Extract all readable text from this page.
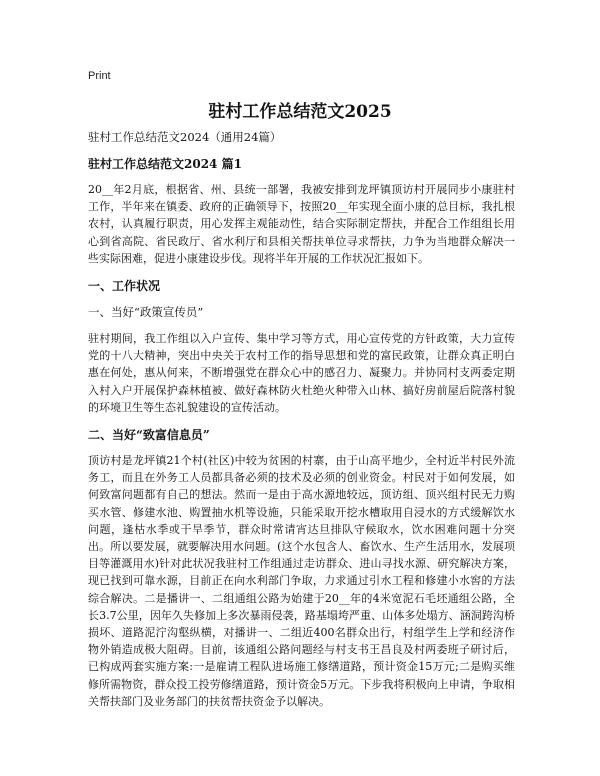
Print
驻村工作总结范文2025
驻村工作总结范文2024（通用24篇）
驻村工作总结范文2024 篇1

20__年2月底，根据省、州、县统一部署，我被安排到龙坪镇顶访村开展同步小康驻村工作，半年来在镇委、政府的正确领导下，按照20__年实现全面小康的总目标，我扎根农村，认真履行职责，用心发挥主观能动性，结合实际制定帮扶，并配合工作组组长用心到省高院、省民政厅、省水利厅和县相关帮扶单位寻求帮扶，力争为当地群众解决一些实际困难，促进小康建设步伐。现将半年开展的工作状况汇报如下。

一、工作状况
一、当好“政策宣传员”

驻村期间，我工作组以入户宣传、集中学习等方式，用心宣传党的方针政策，大力宣传党的十八大精神，突出中央关于农村工作的指导思想和党的富民政策，让群众真正明白惠在何处，惠从何来，不断增强党在群众心中的感召力、凝聚力。并协同村支两委定期入村入户开展保护森林植被、做好森林防火杜绝火种带入山林、搞好房前屋后院落村貌的环境卫生等生态礼貌建设的宣传活动。

二、当好“致富信息员”

顶访村是龙坪镇21个村(社区)中较为贫困的村寨，由于山高平地少，全村近半村民外流务工，而且在外务工人员都具备必须的技术及必须的创业资金。村民对于如何发展，如何致富问题都有自己的想法。然而一是由于高水源地较远，顶访组、顶兴组村民无力购买水管、修建水池、购置抽水机等设施，只能采取开挖水槽取用自浸水的方式缓解饮水问题，逢枯水季或干旱季节，群众时常请宵达旦排队守候取水，饮水困难问题十分突出。所以要发展，就要解决用水问题。(这个水包含人、畜饮水、生产生活用水，发展项目等灌溉用水)针对此状况我驻村工作组通过走访群众、进山寻找水源、研究解决方案，现已找到可靠水源，目前正在向水利部门争取，力求通过引水工程和修建小水窖的方法综合解决。二是播讲一、二组通组公路为始建于20__年的4米宽泥石毛坯通组公路，全长3.7公里，因年久失修加上多次暴雨侵袭，路基塌垮严重、山体多处塌方、涵洞跨沟桥损坏、道路泥泞沟壑纵横，对播讲一、二组近400名群众出行，村组学生上学和经济作物外销造成极大阻碍。目前，该通组公路问题经与村支书王昌良及村两委班子研讨后，已构成两套实施方案:一是雇请工程队进场施工修缮道路，预计资金15万元;二是购买维修所需物资，群众投工投劳修缮道路，预计资金5万元。下步我将积极向上申请，争取相关帮扶部门及业务部门的扶贫帮扶资金予以解决。
